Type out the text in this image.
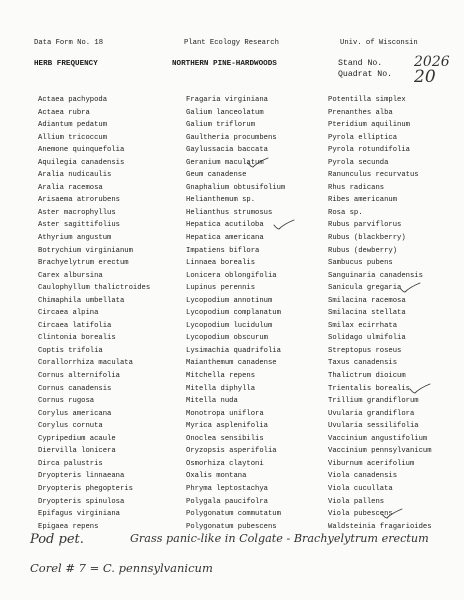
Data Form No. 18	Plant Ecology Research	Univ. of Wisconsin
HERB FREQUENCY	NORTHERN PINE-HARDWOODS	Stand No.
Quadrat No.
2026
20
Actaea pachypoda
Actaea rubra
Adiantum pedatum
Allium tricoccum
Anemone quinquefolia
Aquilegia canadensis
Aralia nudicaulis
Aralia racemosa
Arisaema atrorubens
Aster macrophyllus
Aster sagittifolius
Athyrium angustum
Botrychium virginianum
Brachyelytrum erectum
Carex albursina
Caulophyllum thalictroides
Chimaphila umbellata
Circaea alpina
Circaea latifolia
Clintonia borealis
Coptis trifolia
Corallorrhiza maculata
Cornus alternifolia
Cornus canadensis
Cornus rugosa
Corylus americana
Corylus cornuta
Cypripedium acaule
Diervilla lonicera
Dirca palustris
Dryopteris linnaeana
Dryopteris phegopteris
Dryopteris spinulosa
Epifagus virginiana
Epigaea repens
Fragaria virginiana
Galium lanceolatum
Galium triflorum
Gaultheria procumbens
Gaylussacia baccata
Geranium maculatum
Geum canadense
Gnaphalium obtusifolium
Helianthemum sp.
Helianthus strumosus
Hepatica acutiloba
Hepatica americana
Impatiens biflora
Linnaea borealis
Lonicera oblongifolia
Lupinus perennis
Lycopodium annotinum
Lycopodium complanatum
Lycopodium lucidulum
Lycopodium obscurum
Lysimachia quadrifolia
Maianthemum canadense
Mitchella repens
Mitella diphylla
Mitella nuda
Monotropa uniflora
Myrica asplenifolia
Onoclea sensibilis
Oryzopsis asperifolia
Osmorhiza claytoni
Oxalis montana
Phryma leptostachya
Polygala paucifolra
Polygonatum commutatum
Polygonatum pubescens
Potentilla simplex
Prenanthes alba
Pteridium aquilinum
Pyrola elliptica
Pyrola rotundifolia
Pyrola secunda
Ranunculus recurvatus
Rhus radicans
Ribes americanum
Rosa sp.
Rubus parviflorus
Rubus (blackberry)
Rubus (dewberry)
Sambucus pubens
Sanguinaria canadensis
Sanicula gregaria
Smilacina racemosa
Smilacina stellata
Smilax ecirrhata
Solidago ulmifolia
Streptopus roseus
Taxus canadensis
Thalictrum dioicum
Trientalis borealis
Trillium grandiflorum
Uvularia grandiflora
Uvularia sessilifolia
Vaccinium angustifolium
Vaccinium pennsylvanicum
Viburnum acerifolium
Viola canadensis
Viola cucullata
Viola pallens
Viola pubescens
Waldsteinia fragarioides
Pod pet.	Grass panic-like in Colgate - Brachyelytrum erectum
Corel # 7 = C. pennsylvanicum
